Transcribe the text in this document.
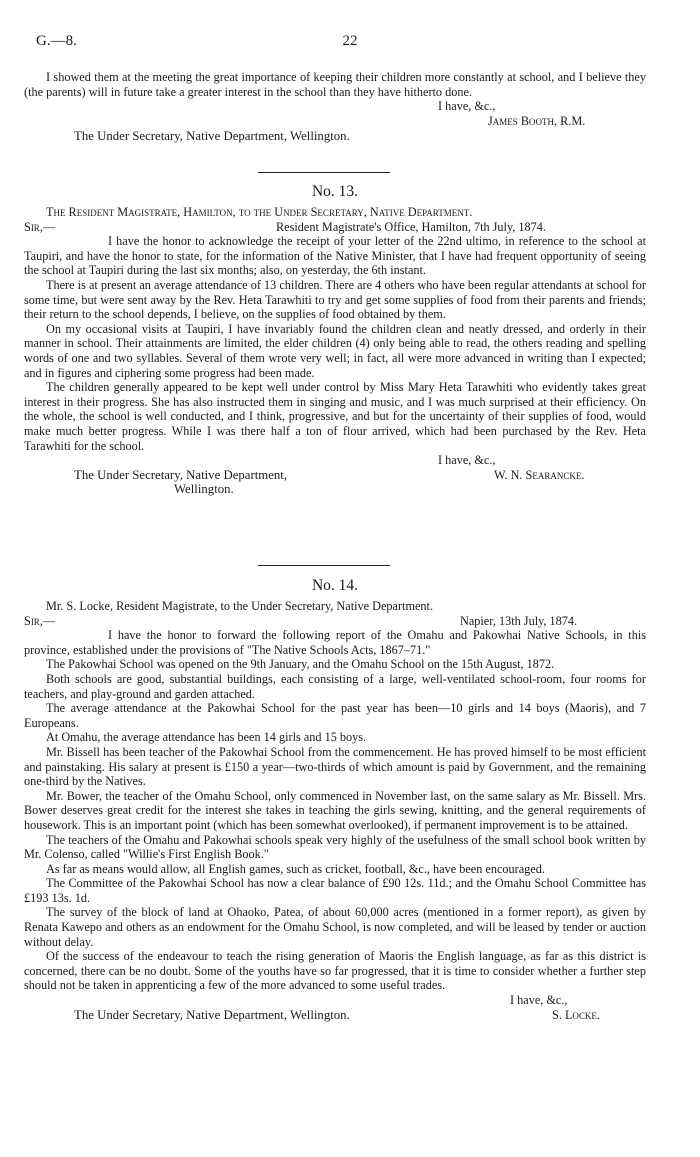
G.—8.	22

I showed them at the meeting the great importance of keeping their children more constantly at school, and I believe they (the parents) will in future take a greater interest in the school than they have hitherto done.

I have, &c.,
James Booth, R.M.
The Under Secretary, Native Department, Wellington.
No. 13.

The Resident Magistrate, Hamilton, to the Under Secretary, Native Department.

Sir,—	Resident Magistrate's Office, Hamilton, 7th July, 1874.

I have the honor to acknowledge the receipt of your letter of the 22nd ultimo, in reference to the school at Taupiri, and have the honor to state, for the information of the Native Minister, that I have had frequent opportunity of seeing the school at Taupiri during the last six months; also, on yesterday, the 6th instant.

There is at present an average attendance of 13 children. There are 4 others who have been regular attendants at school for some time, but were sent away by the Rev. Heta Tarawhiti to try and get some supplies of food from their parents and friends; their return to the school depends, I believe, on the supplies of food obtained by them.

On my occasional visits at Taupiri, I have invariably found the children clean and neatly dressed, and orderly in their manner in school. Their attainments are limited, the elder children (4) only being able to read, the others reading and spelling words of one and two syllables. Several of them wrote very well; in fact, all were more advanced in writing than I expected; and in figures and ciphering some progress had been made.

The children generally appeared to be kept well under control by Miss Mary Heta Tarawhiti who evidently takes great interest in their progress. She has also instructed them in singing and music, and I was much surprised at their efficiency. On the whole, the school is well conducted, and I think, progressive, and but for the uncertainty of their supplies of food, would make much better progress. While I was there half a ton of flour arrived, which had been purchased by the Rev. Heta Tarawhiti for the school.

I have, &c.,
The Under Secretary, Native Department,	W. N. Searancke.
Wellington.
No. 14.

Mr. S. Locke, Resident Magistrate, to the Under Secretary, Native Department.

Sir,—	Napier, 13th July, 1874.

I have the honor to forward the following report of the Omahu and Pakowhai Native Schools, in this province, established under the provisions of "The Native Schools Acts, 1867–71."

The Pakowhai School was opened on the 9th January, and the Omahu School on the 15th August, 1872.

Both schools are good, substantial buildings, each consisting of a large, well-ventilated school-room, four rooms for teachers, and play-ground and garden attached.

The average attendance at the Pakowhai School for the past year has been—10 girls and 14 boys (Maoris), and 7 Europeans.

At Omahu, the average attendance has been 14 girls and 15 boys.

Mr. Bissell has been teacher of the Pakowhai School from the commencement. He has proved himself to be most efficient and painstaking. His salary at present is £150 a year—two-thirds of which amount is paid by Government, and the remaining one-third by the Natives.

Mr. Bower, the teacher of the Omahu School, only commenced in November last, on the same salary as Mr. Bissell. Mrs. Bower deserves great credit for the interest she takes in teaching the girls sewing, knitting, and the general requirements of housework. This is an important point (which has been somewhat overlooked), if permanent improvement is to be attained.

The teachers of the Omahu and Pakowhai schools speak very highly of the usefulness of the small school book written by Mr. Colenso, called "Willie's First English Book."

As far as means would allow, all English games, such as cricket, football, &c., have been encouraged.

The Committee of the Pakowhai School has now a clear balance of £90 12s. 11d.; and the Omahu School Committee has £193 13s. 1d.

The survey of the block of land at Ohaoko, Patea, of about 60,000 acres (mentioned in a former report), as given by Renata Kawepo and others as an endowment for the Omahu School, is now completed, and will be leased by tender or auction without delay.

Of the success of the endeavour to teach the rising generation of Maoris the English language, as far as this district is concerned, there can be no doubt. Some of the youths have so far progressed, that it is time to consider whether a further step should not be taken in apprenticing a few of the more advanced to some useful trades.

I have, &c.,
The Under Secretary, Native Department, Wellington.	S. Locke.
